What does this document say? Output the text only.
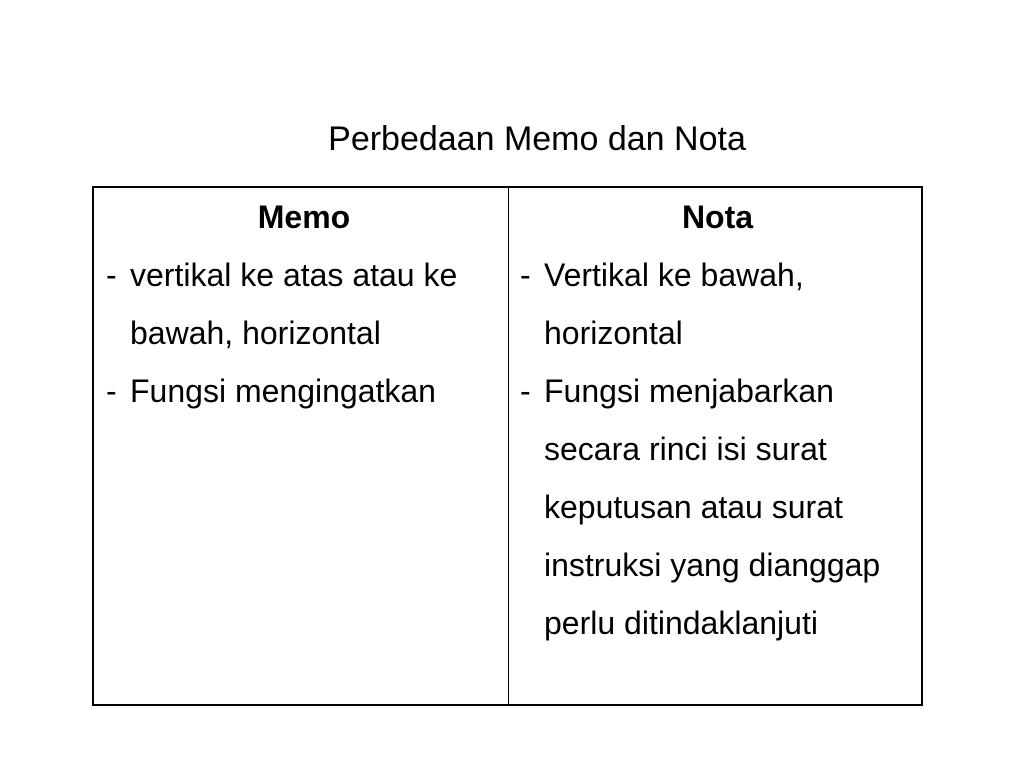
Perbedaan Memo dan Nota
Memo
- vertikal ke atas atau ke bawah, horizontal
- Fungsi mengingatkan
Nota
- Vertikal ke bawah, horizontal
- Fungsi menjabarkan secara rinci isi surat keputusan atau surat instruksi yang dianggap perlu ditindaklanjuti
